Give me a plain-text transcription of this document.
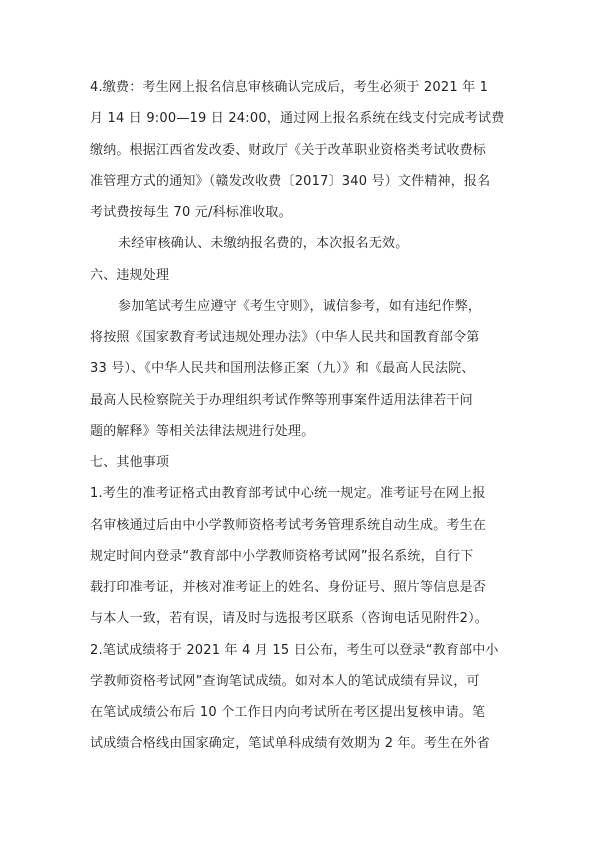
4.缴费：考生网上报名信息审核确认完成后，考生必须于 2021 年 1
月 14 日 9:00—19 日 24:00，通过网上报名系统在线支付完成考试费
缴纳。根据江西省发改委、财政厅《关于改革职业资格类考试收费标
准管理方式的通知》（赣发改收费〔2017〕340 号）文件精神，报名
考试费按每生 70 元/科标准收取。
未经审核确认、未缴纳报名费的，本次报名无效。
六、违规处理
参加笔试考生应遵守《考生守则》，诚信参考，如有违纪作弊，
将按照《国家教育考试违规处理办法》（中华人民共和国教育部令第
33 号）、《中华人民共和国刑法修正案（九）》和《最高人民法院、
最高人民检察院关于办理组织考试作弊等刑事案件适用法律若干问
题的解释》等相关法律法规进行处理。
七、其他事项
1.考生的准考证格式由教育部考试中心统一规定。准考证号在网上报
名审核通过后由中小学教师资格考试考务管理系统自动生成。考生在
规定时间内登录“教育部中小学教师资格考试网”报名系统，自行下
载打印准考证，并核对准考证上的姓名、身份证号、照片等信息是否
与本人一致，若有误，请及时与选报考区联系（咨询电话见附件2）。
2.笔试成绩将于 2021 年 4 月 15 日公布，考生可以登录“教育部中小
学教师资格考试网”查询笔试成绩。如对本人的笔试成绩有异议，可
在笔试成绩公布后 10 个工作日内向考试所在考区提出复核申请。笔
试成绩合格线由国家确定，笔试单科成绩有效期为 2 年。考生在外省
